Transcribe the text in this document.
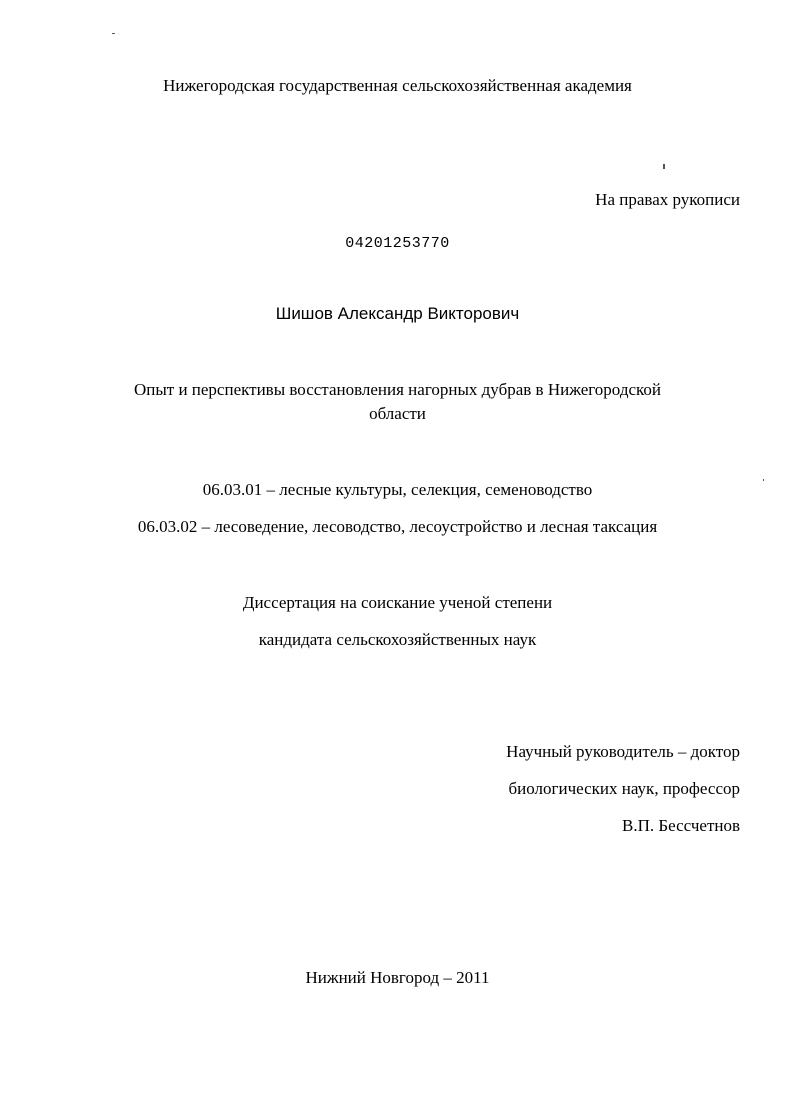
Нижегородская государственная сельскохозяйственная академия
На правах рукописи
04201253770
Шишов Александр Викторович
Опыт и перспективы восстановления нагорных дубрав в Нижегородской
области
06.03.01 – лесные культуры, селекция, семеноводство
06.03.02 – лесоведение, лесоводство, лесоустройство и лесная таксация
Диссертация на соискание ученой степени
кандидата сельскохозяйственных наук
Научный руководитель – доктор
биологических наук, профессор
В.П. Бессчетнов
Нижний Новгород – 2011
